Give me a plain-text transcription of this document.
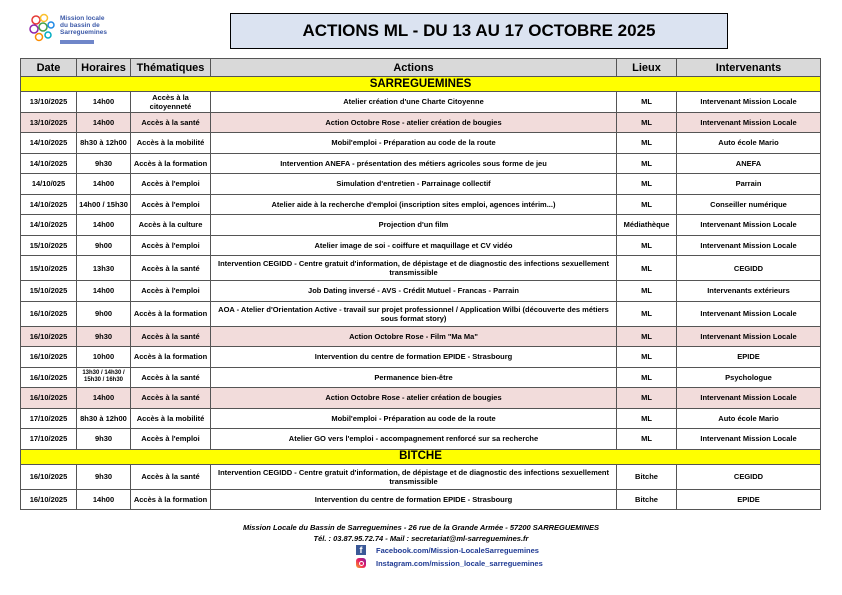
Mission locale
du bassin de
Sarreguemines	ACTIONS ML - DU 13 AU 17 OCTOBRE 2025
Date	Horaires	Thématiques	Actions	Lieux	Intervenants
SARREGUEMINES					
13/10/2025	14h00	Accès à la citoyenneté	Atelier création d'une Charte Citoyenne	ML	Intervenant Mission Locale
13/10/2025	14h00	Accès à la santé	Action Octobre Rose - atelier création de bougies	ML	Intervenant Mission Locale
14/10/2025	8h30 à 12h00	Accès à la mobilité	Mobil'emploi - Préparation au code de la route	ML	Auto école Mario
14/10/2025	9h30	Accès à la formation	Intervention ANEFA - présentation des métiers agricoles sous forme de jeu	ML	ANEFA
14/10/025	14h00	Accès à l'emploi	Simulation d'entretien - Parrainage collectif	ML	Parrain
14/10/2025	14h00 / 15h30	Accès à l'emploi	Atelier aide à la recherche d'emploi (inscription sites emploi, agences intérim...)	ML	Conseiller numérique
14/10/2025	14h00	Accès à la culture	Projection d'un film	Médiathèque	Intervenant Mission Locale
15/10/2025	9h00	Accès à l'emploi	Atelier image de soi - coiffure et maquillage et CV vidéo	ML	Intervenant Mission Locale
15/10/2025	13h30	Accès à la santé	Intervention CEGIDD - Centre gratuit d'information, de dépistage et de diagnostic des infections sexuellement transmissible	ML	CEGIDD
15/10/2025	14h00	Accès à l'emploi	Job Dating inversé - AVS - Crédit Mutuel - Francas - Parrain	ML	Intervenants extérieurs
16/10/2025	9h00	Accès à la formation	AOA - Atelier d'Orientation Active - travail sur projet professionnel / Application Wilbi (découverte des métiers sous format story)	ML	Intervenant Mission Locale
16/10/2025	9h30	Accès à la santé	Action Octobre Rose - Film "Ma Ma"	ML	Intervenant Mission Locale
16/10/2025	10h00	Accès à la formation	Intervention du centre de formation EPIDE - Strasbourg	ML	EPIDE
16/10/2025	13h30 / 14h30 / 15h30 / 16h30	Accès à la santé	Permanence bien-être	ML	Psychologue
16/10/2025	14h00	Accès à la santé	Action Octobre Rose - atelier création de bougies	ML	Intervenant Mission Locale
17/10/2025	8h30 à 12h00	Accès à la mobilité	Mobil'emploi - Préparation au code de la route	ML	Auto école Mario
17/10/2025	9h30	Accès à l'emploi	Atelier GO vers l'emploi - accompagnement renforcé sur sa recherche	ML	Intervenant Mission Locale
BITCHE					
16/10/2025	9h30	Accès à la santé	Intervention CEGIDD - Centre gratuit d'information, de dépistage et de diagnostic des infections sexuellement transmissible	Bitche	CEGIDD
16/10/2025	14h00	Accès à la formation	Intervention du centre de formation EPIDE - Strasbourg	Bitche	EPIDE
Mission Locale du Bassin de Sarreguemines - 26 rue de la Grande Armée - 57200 SARREGUEMINES
Tél. : 03.87.95.72.74 - Mail : secretariat@ml-sarreguemines.fr
f	Facebook.com/Mission-LocaleSarreguemines
Instagram.com/mission_locale_sarreguemines
